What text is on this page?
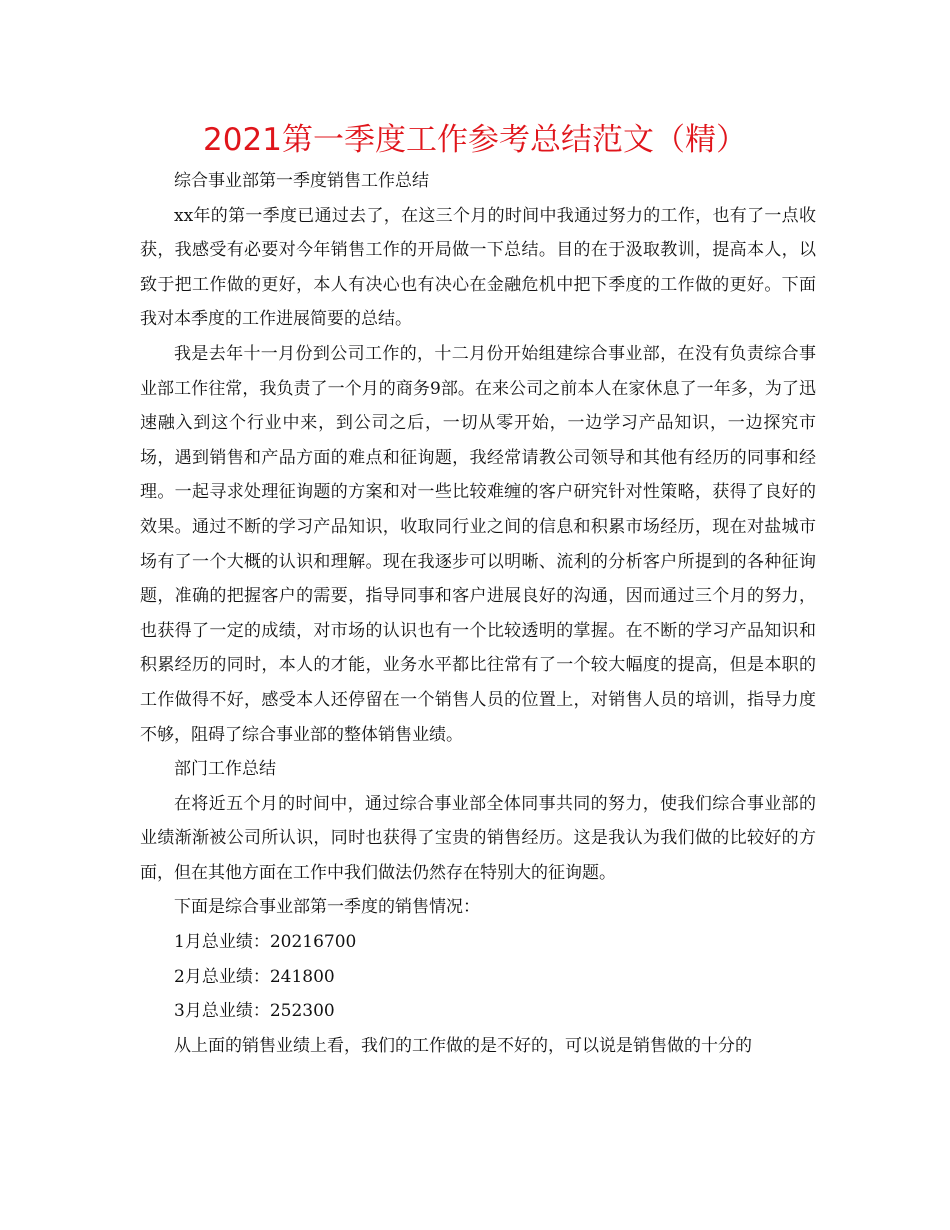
2021第一季度工作参考总结范文（精）

综合事业部第一季度销售工作总结

xx年的第一季度已通过去了，在这三个月的时间中我通过努力的工作，也有了一点收获，我感受有必要对今年销售工作的开局做一下总结。目的在于汲取教训，提高本人，以致于把工作做的更好，本人有决心也有决心在金融危机中把下季度的工作做的更好。下面我对本季度的工作进展简要的总结。

我是去年十一月份到公司工作的，十二月份开始组建综合事业部，在没有负责综合事业部工作往常，我负责了一个月的商务9部。在来公司之前本人在家休息了一年多，为了迅速融入到这个行业中来，到公司之后，一切从零开始，一边学习产品知识，一边探究市场，遇到销售和产品方面的难点和征询题，我经常请教公司领导和其他有经历的同事和经理。一起寻求处理征询题的方案和对一些比较难缠的客户研究针对性策略，获得了良好的效果。通过不断的学习产品知识，收取同行业之间的信息和积累市场经历，现在对盐城市场有了一个大概的认识和理解。现在我逐步可以明晰、流利的分析客户所提到的各种征询题，准确的把握客户的需要，指导同事和客户进展良好的沟通，因而通过三个月的努力，也获得了一定的成绩，对市场的认识也有一个比较透明的掌握。在不断的学习产品知识和积累经历的同时，本人的才能，业务水平都比往常有了一个较大幅度的提高，但是本职的工作做得不好，感受本人还停留在一个销售人员的位置上，对销售人员的培训，指导力度不够，阻碍了综合事业部的整体销售业绩。

部门工作总结

在将近五个月的时间中，通过综合事业部全体同事共同的努力，使我们综合事业部的业绩渐渐被公司所认识，同时也获得了宝贵的销售经历。这是我认为我们做的比较好的方面，但在其他方面在工作中我们做法仍然存在特别大的征询题。

下面是综合事业部第一季度的销售情况：

1月总业绩：20216700

2月总业绩：241800

3月总业绩：252300

从上面的销售业绩上看，我们的工作做的是不好的，可以说是销售做的十分的
